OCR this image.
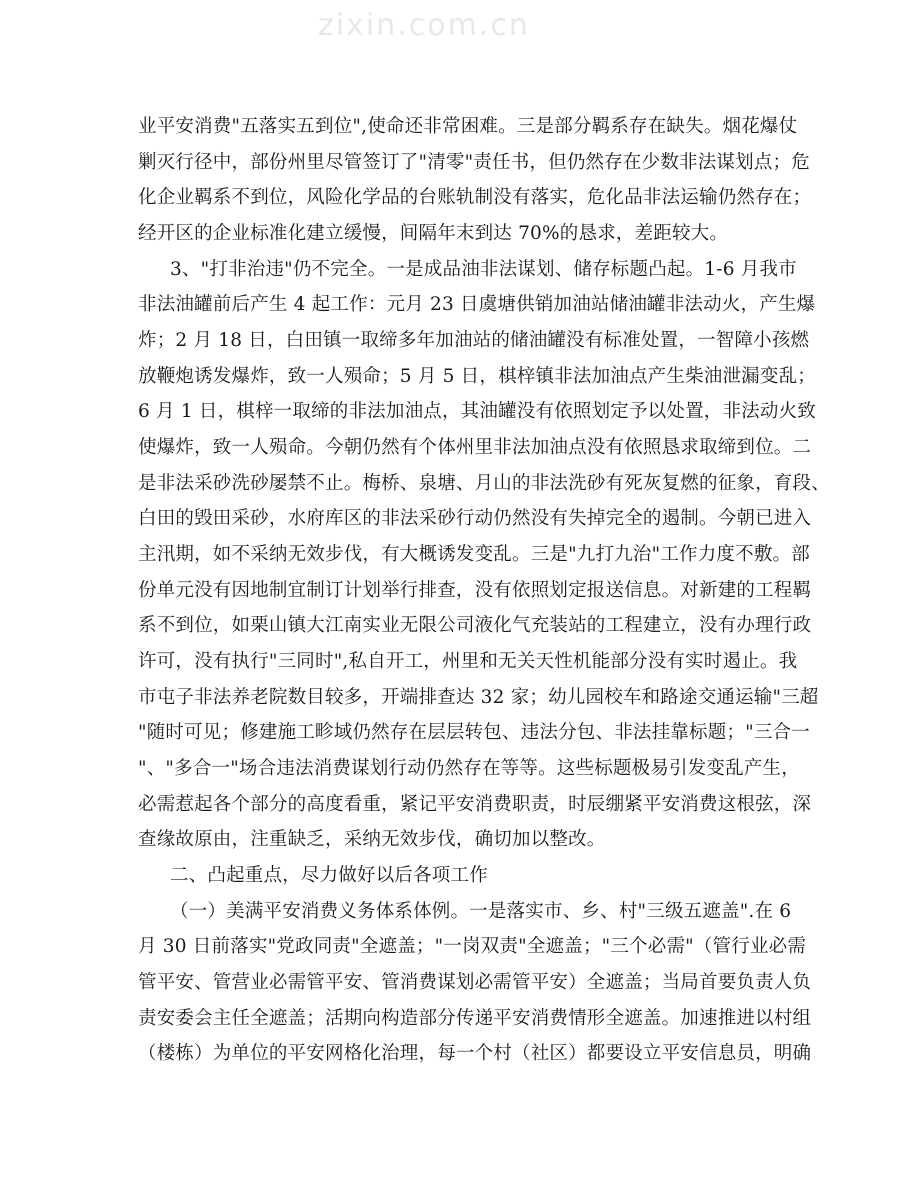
zixin.com.cn
业平安消费"五落实五到位",使命还非常困难。三是部分羁系存在缺失。烟花爆仗
剿灭行径中，部份州里尽管签订了"清零"责任书，但仍然存在少数非法谋划点；危
化企业羁系不到位，风险化学品的台账轨制没有落实，危化品非法运输仍然存在；
经开区的企业标准化建立缓慢，间隔年末到达 70%的恳求，差距较大。
3、"打非治违"仍不完全。一是成品油非法谋划、储存标题凸起。1-6 月我市
非法油罐前后产生 4 起工作：元月 23 日虞塘供销加油站储油罐非法动火，产生爆
炸；2 月 18 日，白田镇一取缔多年加油站的储油罐没有标准处置，一智障小孩燃
放鞭炮诱发爆炸，致一人殒命；5 月 5 日，棋梓镇非法加油点产生柴油泄漏变乱；
6 月 1 日，棋梓一取缔的非法加油点，其油罐没有依照划定予以处置，非法动火致
使爆炸，致一人殒命。今朝仍然有个体州里非法加油点没有依照恳求取缔到位。二
是非法采砂洗砂屡禁不止。梅桥、泉塘、月山的非法洗砂有死灰复燃的征象，育段、
白田的毁田采砂，水府库区的非法采砂行动仍然没有失掉完全的遏制。今朝已进入
主汛期，如不采纳无效步伐，有大概诱发变乱。三是"九打九治"工作力度不敷。部
份单元没有因地制宜制订计划举行排查，没有依照划定报送信息。对新建的工程羁
系不到位，如栗山镇大江南实业无限公司液化气充装站的工程建立，没有办理行政
许可，没有执行"三同时",私自开工，州里和无关天性机能部分没有实时遏止。我
市屯子非法养老院数目较多，开端排查达 32 家；幼儿园校车和路途交通运输"三超
"随时可见；修建施工畛域仍然存在层层转包、违法分包、非法挂靠标题；"三合一
"、"多合一"场合违法消费谋划行动仍然存在等等。这些标题极易引发变乱产生，
必需惹起各个部分的高度看重，紧记平安消费职责，时辰绷紧平安消费这根弦，深
查缘故原由，注重缺乏，采纳无效步伐，确切加以整改。
二、凸起重点，尽力做好以后各项工作
（一）美满平安消费义务体系体例。一是落实市、乡、村"三级五遮盖".在 6
月 30 日前落实"党政同责"全遮盖；"一岗双责"全遮盖；"三个必需"（管行业必需
管平安、管营业必需管平安、管消费谋划必需管平安）全遮盖；当局首要负责人负
责安委会主任全遮盖；活期向构造部分传递平安消费情形全遮盖。加速推进以村组
（楼栋）为单位的平安网格化治理，每一个村（社区）都要设立平安信息员，明确
